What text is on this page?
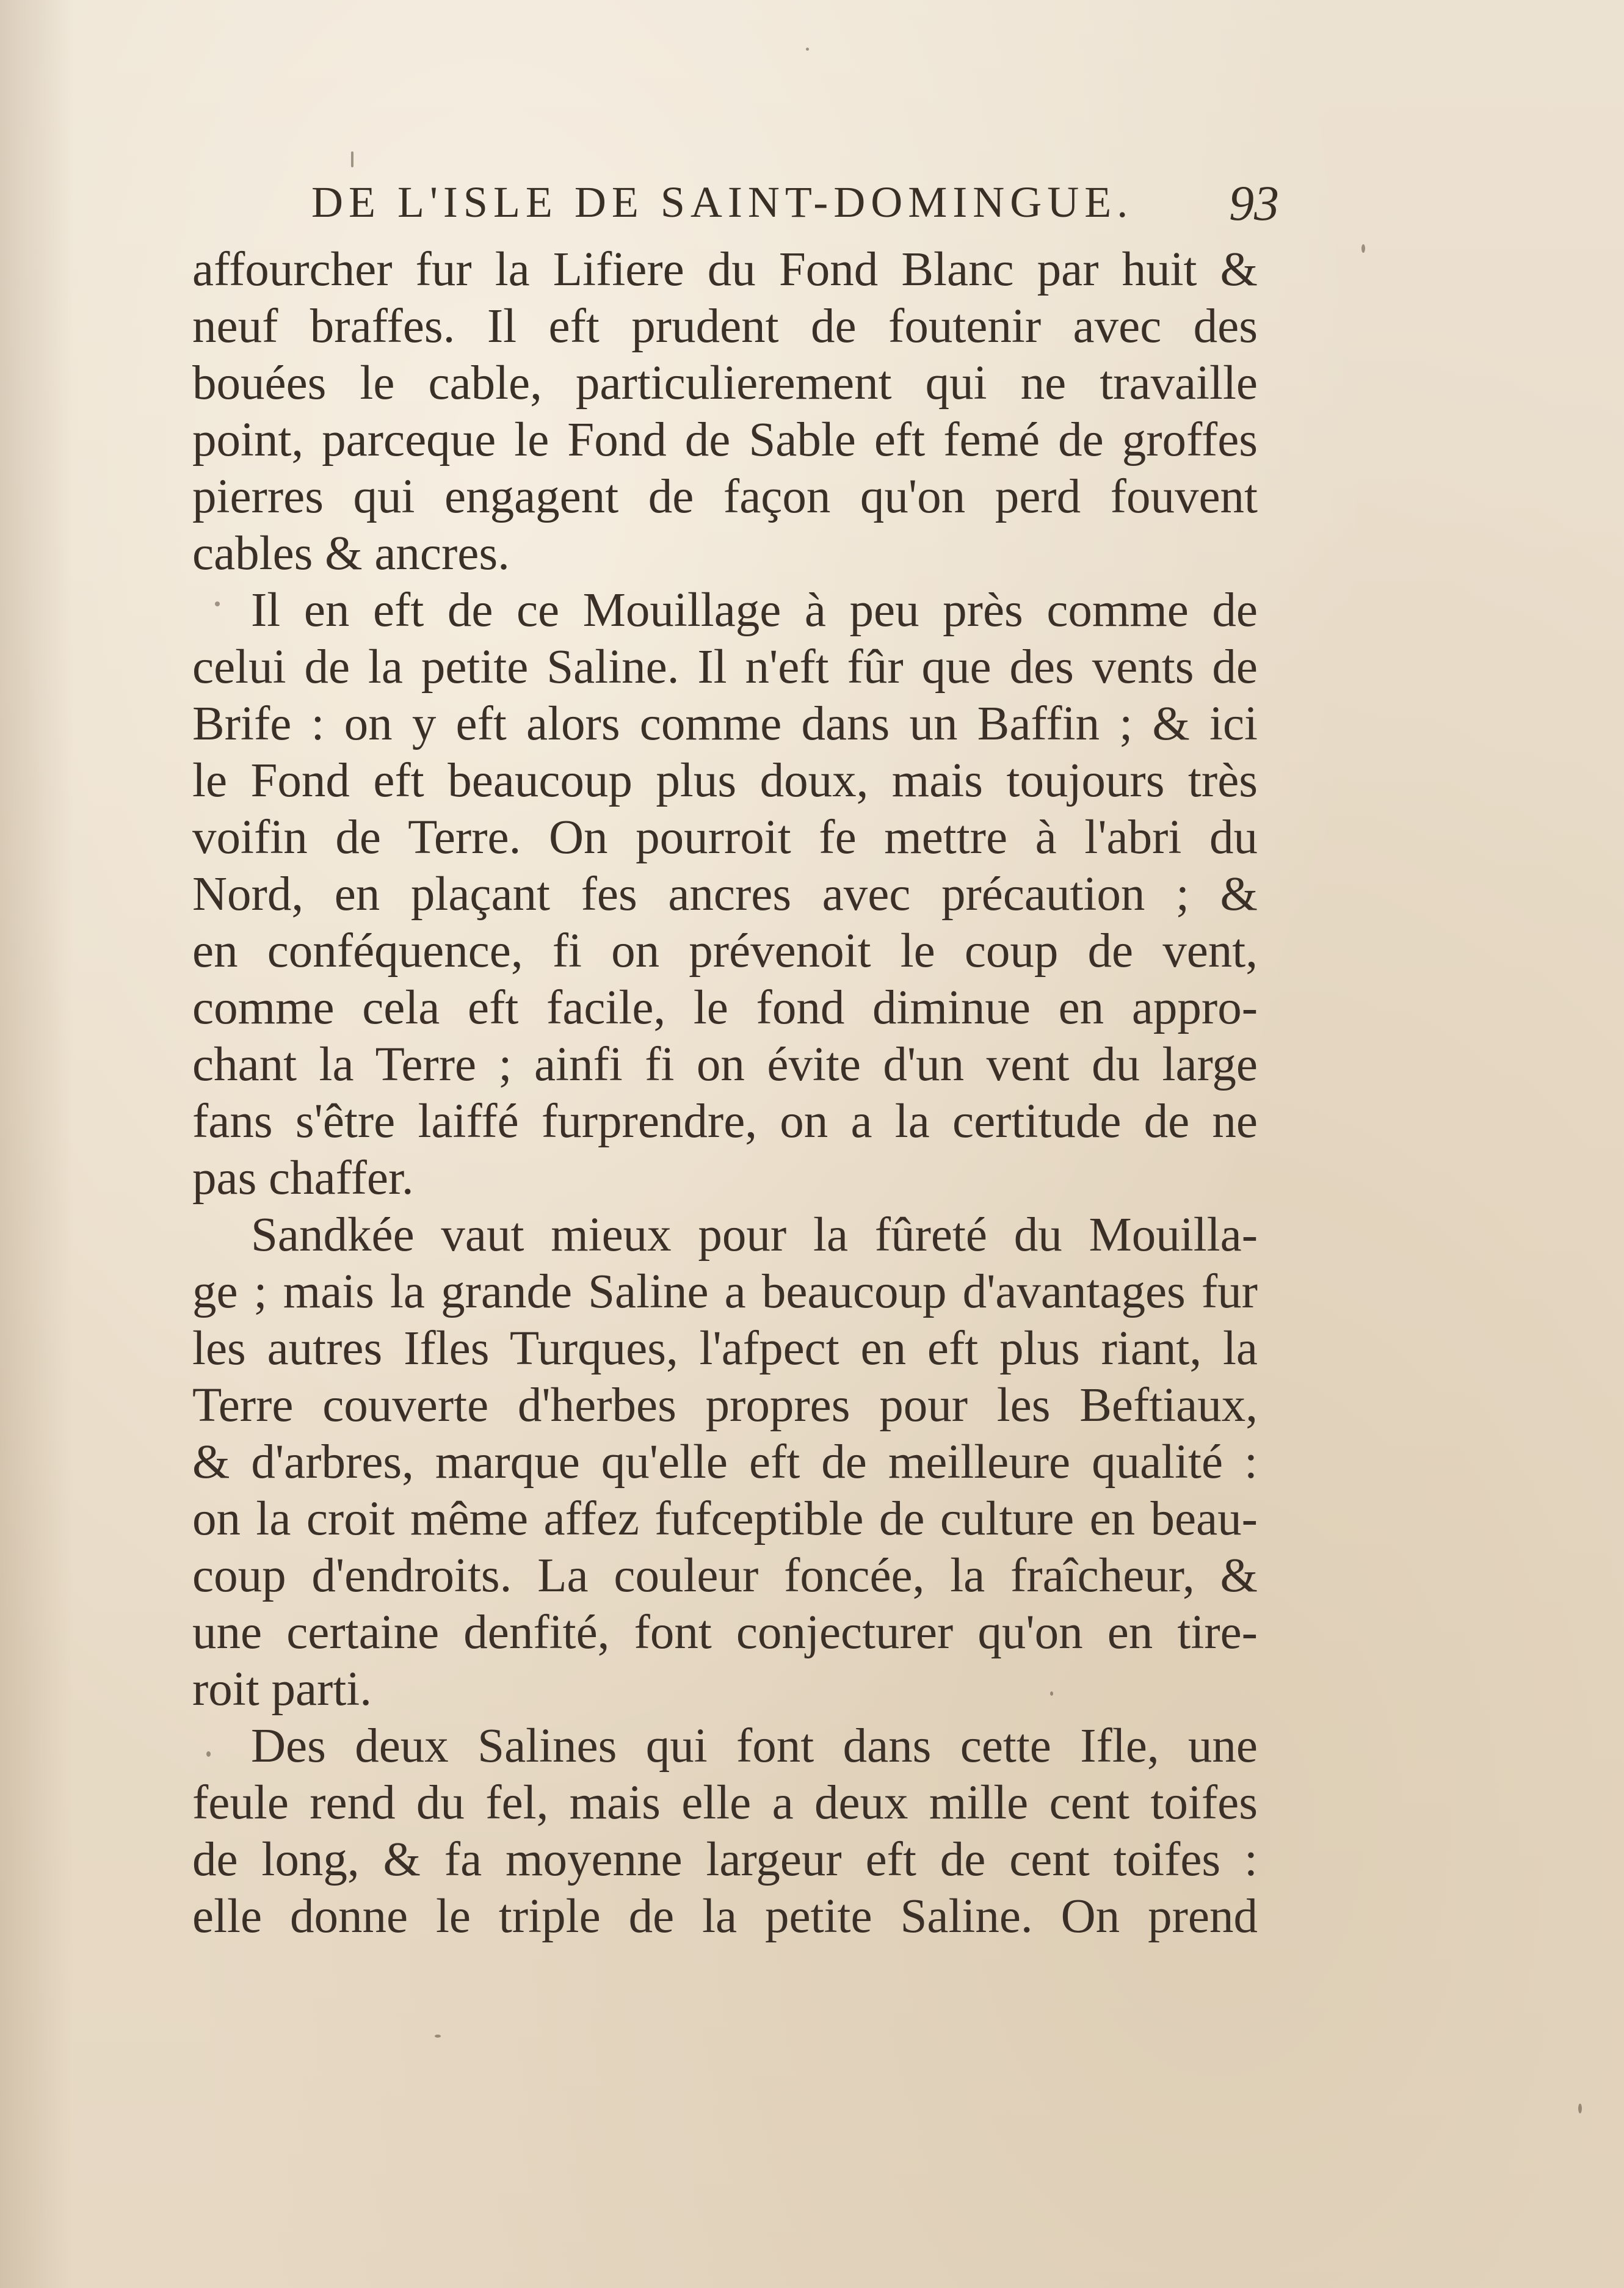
DE L'ISLE DE SAINT-DOMINGUE. 93
affourcher fur la Lifiere du Fond Blanc par huit &
neuf braffes. Il eft prudent de foutenir avec des
bouées le cable, particulierement qui ne travaille
point, parceque le Fond de Sable eft femé de groffes
pierres qui engagent de façon qu'on perd fouvent
cables & ancres.
Il en eft de ce Mouillage à peu près comme de
celui de la petite Saline. Il n'eft fûr que des vents de
Brife : on y eft alors comme dans un Baffin ; & ici
le Fond eft beaucoup plus doux, mais toujours très
voifin de Terre. On pourroit fe mettre à l'abri du
Nord, en plaçant fes ancres avec précaution ; &
en conféquence, fi on prévenoit le coup de vent,
comme cela eft facile, le fond diminue en appro-
chant la Terre ; ainfi fi on évite d'un vent du large
fans s'être laiffé furprendre, on a la certitude de ne
pas chaffer.
Sandkée vaut mieux pour la fûreté du Mouilla-
ge ; mais la grande Saline a beaucoup d'avantages fur
les autres Ifles Turques, l'afpect en eft plus riant, la
Terre couverte d'herbes propres pour les Beftiaux,
& d'arbres, marque qu'elle eft de meilleure qualité :
on la croit même affez fufceptible de culture en beau-
coup d'endroits. La couleur foncée, la fraîcheur, &
une certaine denfité, font conjecturer qu'on en tire-
roit parti.
Des deux Salines qui font dans cette Ifle, une
feule rend du fel, mais elle a deux mille cent toifes
de long, & fa moyenne largeur eft de cent toifes :
elle donne le triple de la petite Saline. On prend
